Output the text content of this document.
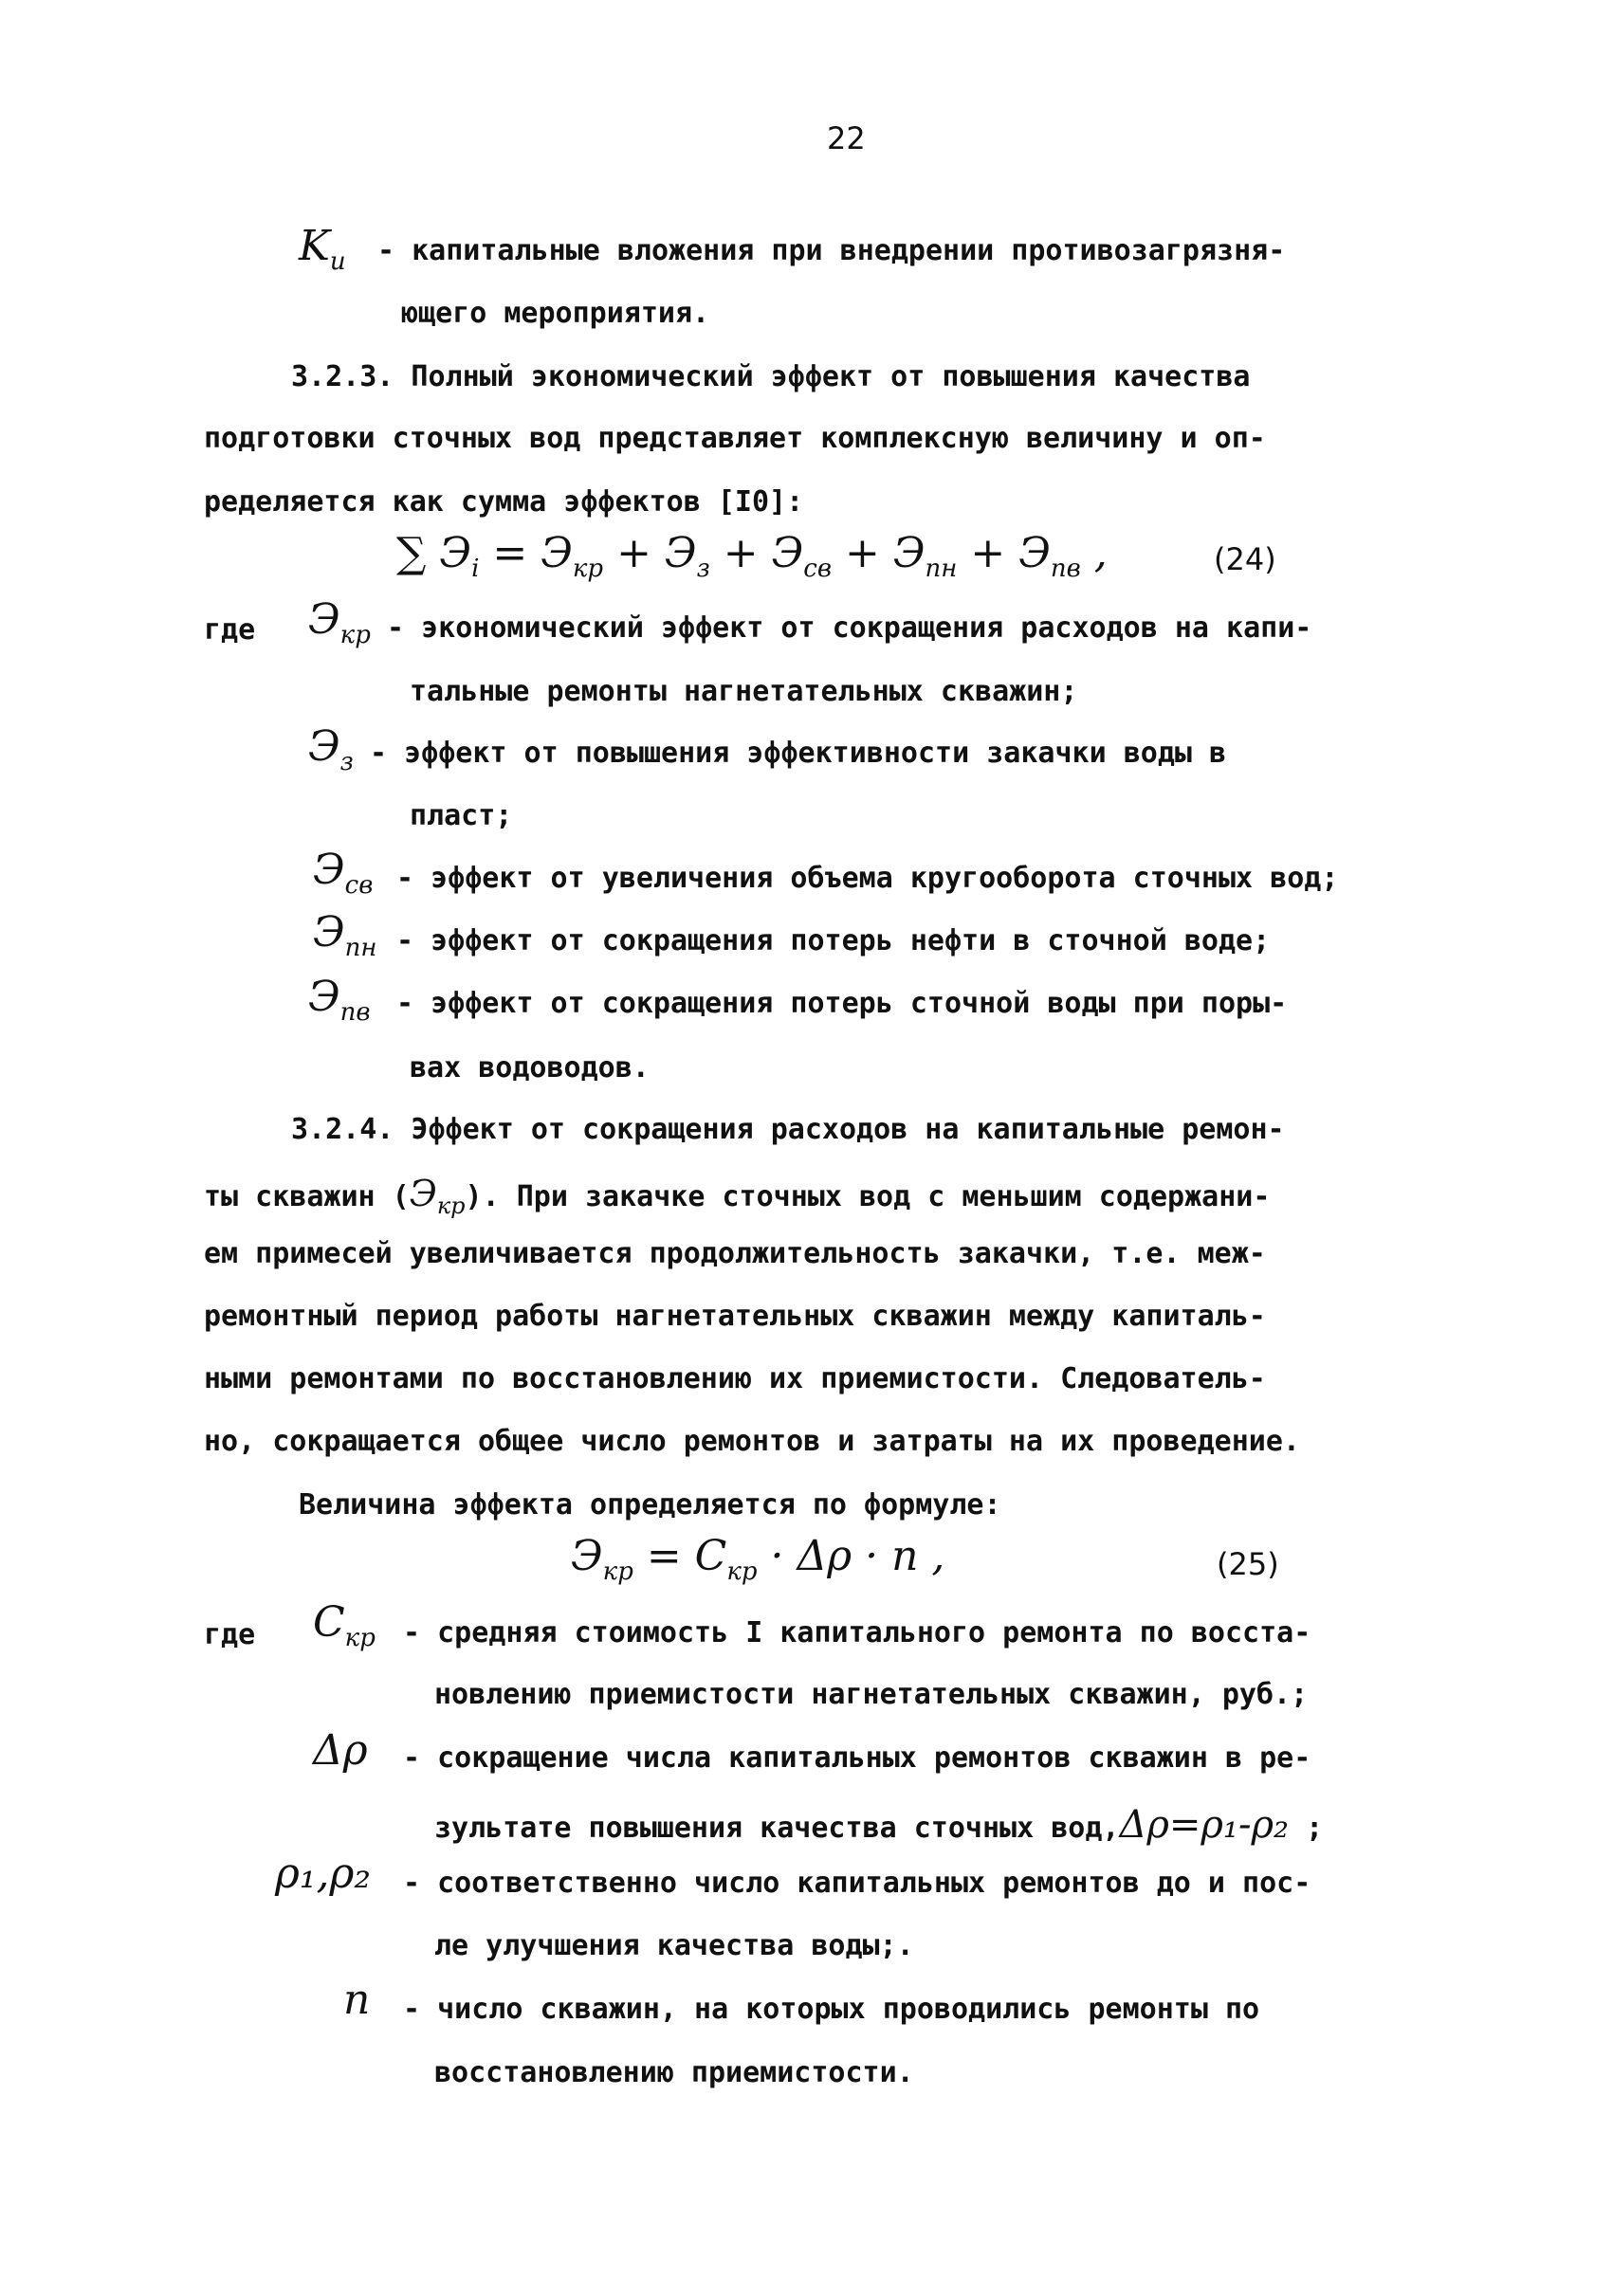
22
$K_и$ - капитальные вложения при внедрении противозагрязня-
ющего мероприятия.
3.2.3. Полный экономический эффект от повышения качества
подготовки сточных вод представляет комплексную величину и оп-
ределяется как сумма эффектов [I0]:
∑ $Э_i = Э_{кр} + Э_з + Э_{св} + Э_{пн} + Э_{пв}$ ,	(24)
где $Э_{кр}$ - экономический эффект от сокращения расходов на капи-
тальные ремонты нагнетательных скважин;
$Э_з$ - эффект от повышения эффективности закачки воды в
пласт;
$Э_{св}$ - эффект от увеличения объема кругооборота сточных вод;
$Э_{пн}$ - эффект от сокращения потерь нефти в сточной воде;
$Э_{пв}$ - эффект от сокращения потерь сточной воды при поры-
вах водоводов.
3.2.4. Эффект от сокращения расходов на капитальные ремон-
ты скважин $(Э_{кр})$. При закачке сточных вод с меньшим содержани-
ем примесей увеличивается продолжительность закачки, т.е. меж-
ремонтный период работы нагнетательных скважин между капиталь-
ными ремонтами по восстановлению их приемистости. Следователь-
но, сокращается общее число ремонтов и затраты на их проведение.
Величина эффекта определяется по формуле:
$Э_{кр} = C_{кр} \cdot \Delta\rho \cdot n$ ,	(25)
где $C_{кр}$ - средняя стоимость I капитального ремонта по восста-
новлению приемистости нагнетательных скважин, руб.;
Δρ - сокращение числа капитальных ремонтов скважин в ре-
зультате повышения качества сточных вод,Δρ=ρ₁-ρ₂ ;
ρ₁,ρ₂ - соответственно число капитальных ремонтов до и пос-
ле улучшения качества воды;.
n - число скважин, на которых проводились ремонты по
восстановлению приемистости.
